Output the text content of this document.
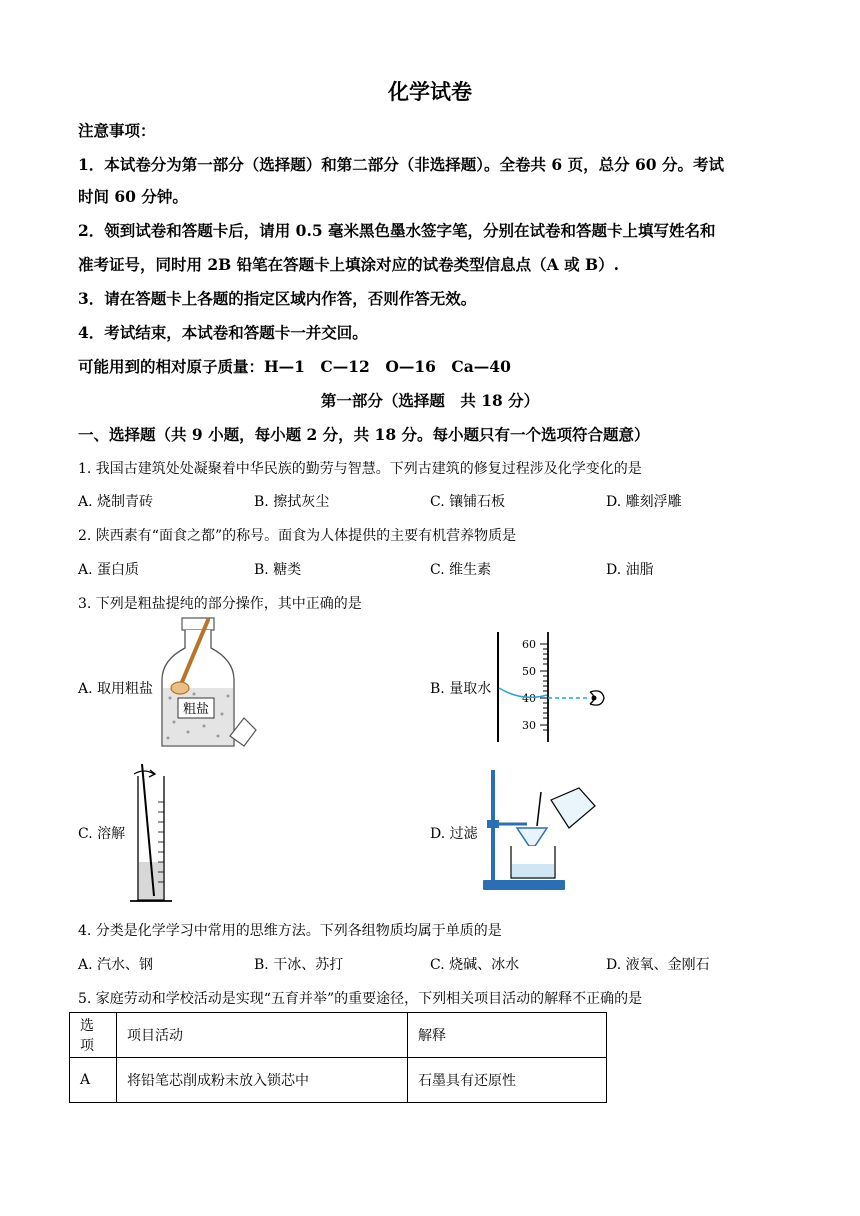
化学试卷
注意事项：
1．本试卷分为第一部分（选择题）和第二部分（非选择题）。全卷共 6 页，总分 60 分。考试
时间 60 分钟。
2．领到试卷和答题卡后，请用 0.5 毫米黑色墨水签字笔，分别在试卷和答题卡上填写姓名和
准考证号，同时用 2B 铅笔在答题卡上填涂对应的试卷类型信息点（A 或 B）.
3．请在答题卡上各题的指定区域内作答，否则作答无效。
4．考试结束，本试卷和答题卡一并交回。
可能用到的相对原子质量：H—1　C—12　O—16　Ca—40
第一部分（选择题　共 18 分）
一、选择题（共 9 小题，每小题 2 分，共 18 分。每小题只有一个选项符合题意）
1. 我国古建筑处处凝聚着中华民族的勤劳与智慧。下列古建筑的修复过程涉及化学变化的是
A. 烧制青砖	B. 擦拭灰尘	C. 镶铺石板	D. 雕刻浮雕
2. 陕西素有“面食之都”的称号。面食为人体提供的主要有机营养物质是
A. 蛋白质	B. 糖类	C. 维生素	D. 油脂
3. 下列是粗盐提纯的部分操作，其中正确的是
A. 取用粗盐	B. 量取水
C. 溶解	D. 过滤
粗盐
60
50
40
30
4. 分类是化学学习中常用的思维方法。下列各组物质均属于单质的是
A. 汽水、钢	B. 干冰、苏打	C. 烧碱、冰水	D. 液氧、金刚石
5. 家庭劳动和学校活动是实现“五育并举”的重要途径，下列相关项目活动的解释不正确的是
选项	项目活动	解释
A	将铅笔芯削成粉末放入锁芯中	石墨具有还原性
